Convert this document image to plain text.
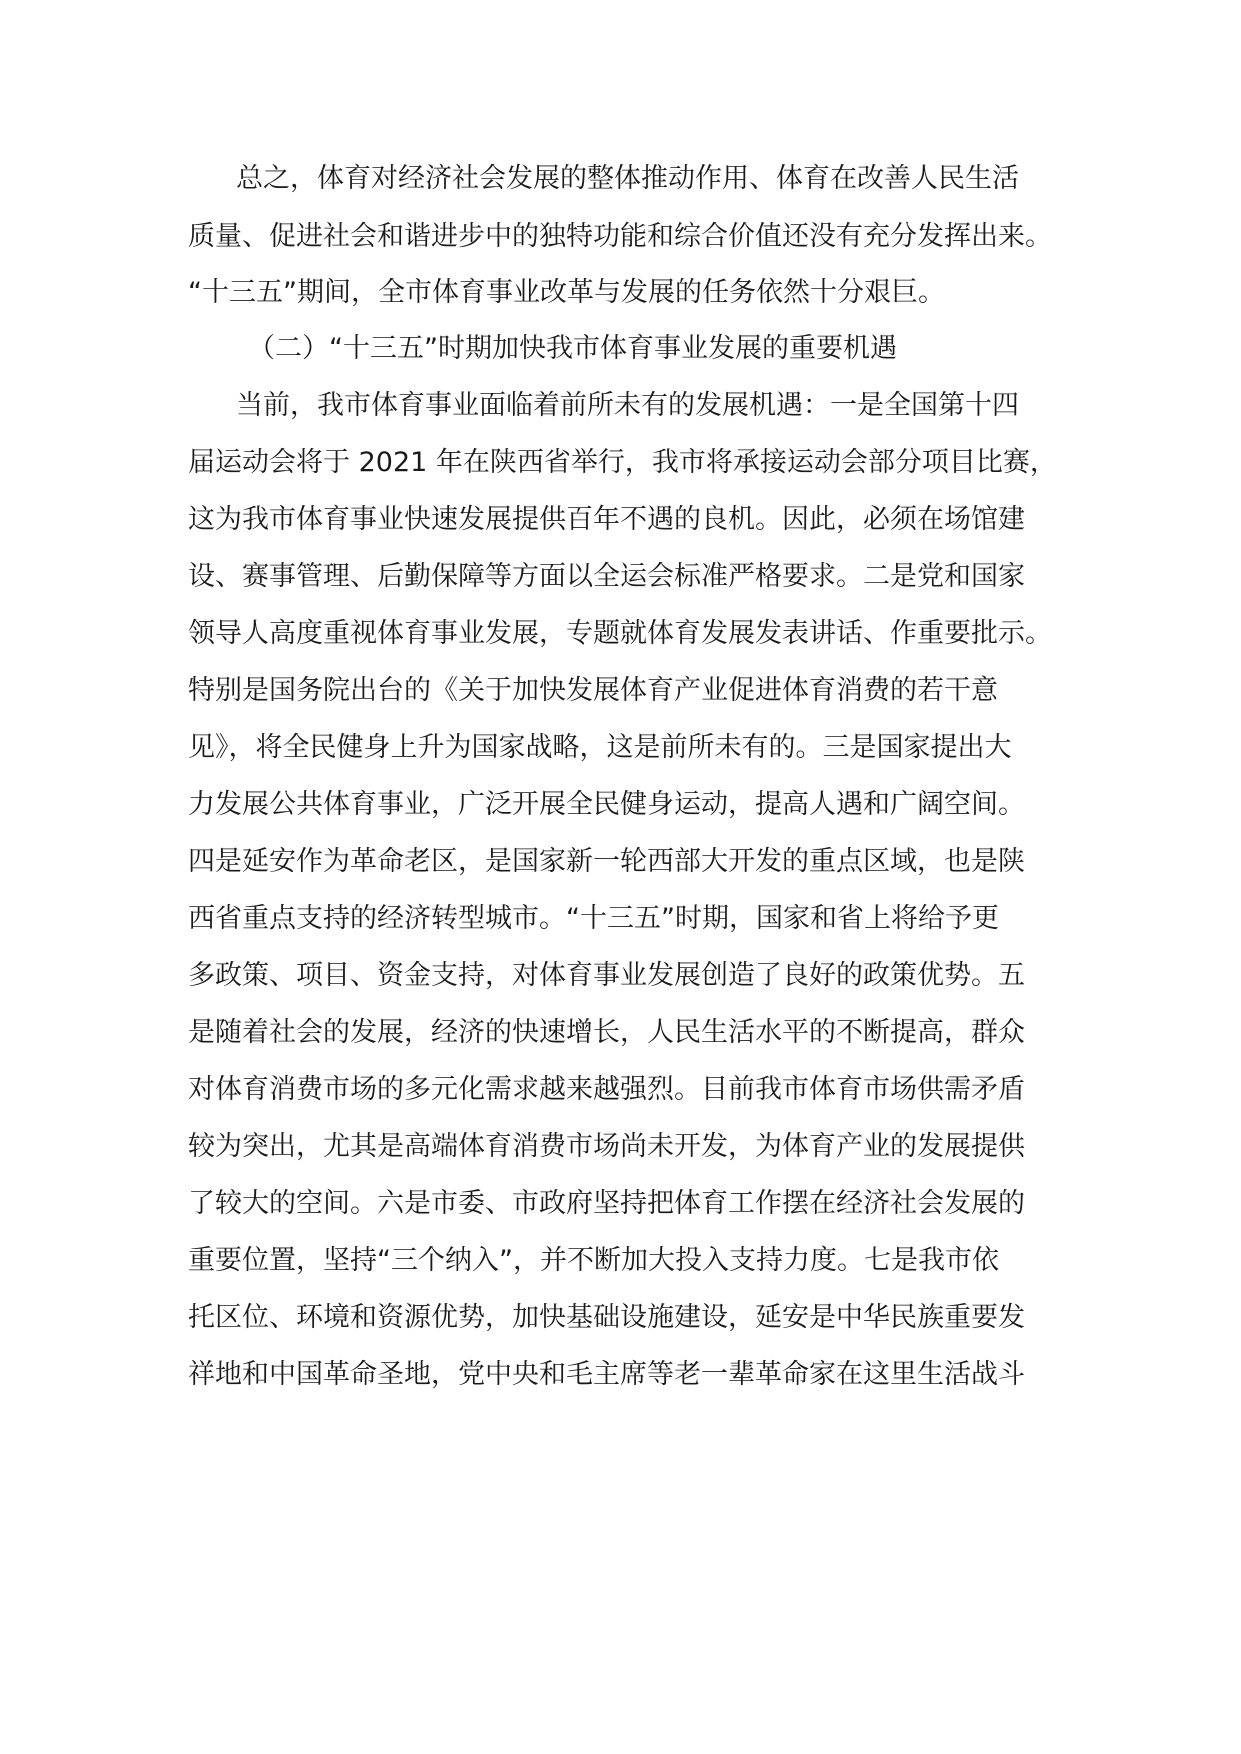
总之，体育对经济社会发展的整体推动作用、体育在改善人民生活
质量、促进社会和谐进步中的独特功能和综合价值还没有充分发挥出来。
“十三五”期间，全市体育事业改革与发展的任务依然十分艰巨。
（二）“十三五”时期加快我市体育事业发展的重要机遇
当前，我市体育事业面临着前所未有的发展机遇：一是全国第十四
届运动会将于 2021 年在陕西省举行，我市将承接运动会部分项目比赛，
这为我市体育事业快速发展提供百年不遇的良机。因此，必须在场馆建
设、赛事管理、后勤保障等方面以全运会标准严格要求。二是党和国家
领导人高度重视体育事业发展，专题就体育发展发表讲话、作重要批示。
特别是国务院出台的《关于加快发展体育产业促进体育消费的若干意
见》，将全民健身上升为国家战略，这是前所未有的。三是国家提出大
力发展公共体育事业，广泛开展全民健身运动，提高人遇和广阔空间。
四是延安作为革命老区，是国家新一轮西部大开发的重点区域，也是陕
西省重点支持的经济转型城市。“十三五”时期，国家和省上将给予更
多政策、项目、资金支持，对体育事业发展创造了良好的政策优势。五
是随着社会的发展，经济的快速增长，人民生活水平的不断提高，群众
对体育消费市场的多元化需求越来越强烈。目前我市体育市场供需矛盾
较为突出，尤其是高端体育消费市场尚未开发，为体育产业的发展提供
了较大的空间。六是市委、市政府坚持把体育工作摆在经济社会发展的
重要位置，坚持“三个纳入”，并不断加大投入支持力度。七是我市依
托区位、环境和资源优势，加快基础设施建设，延安是中华民族重要发
祥地和中国革命圣地，党中央和毛主席等老一辈革命家在这里生活战斗
